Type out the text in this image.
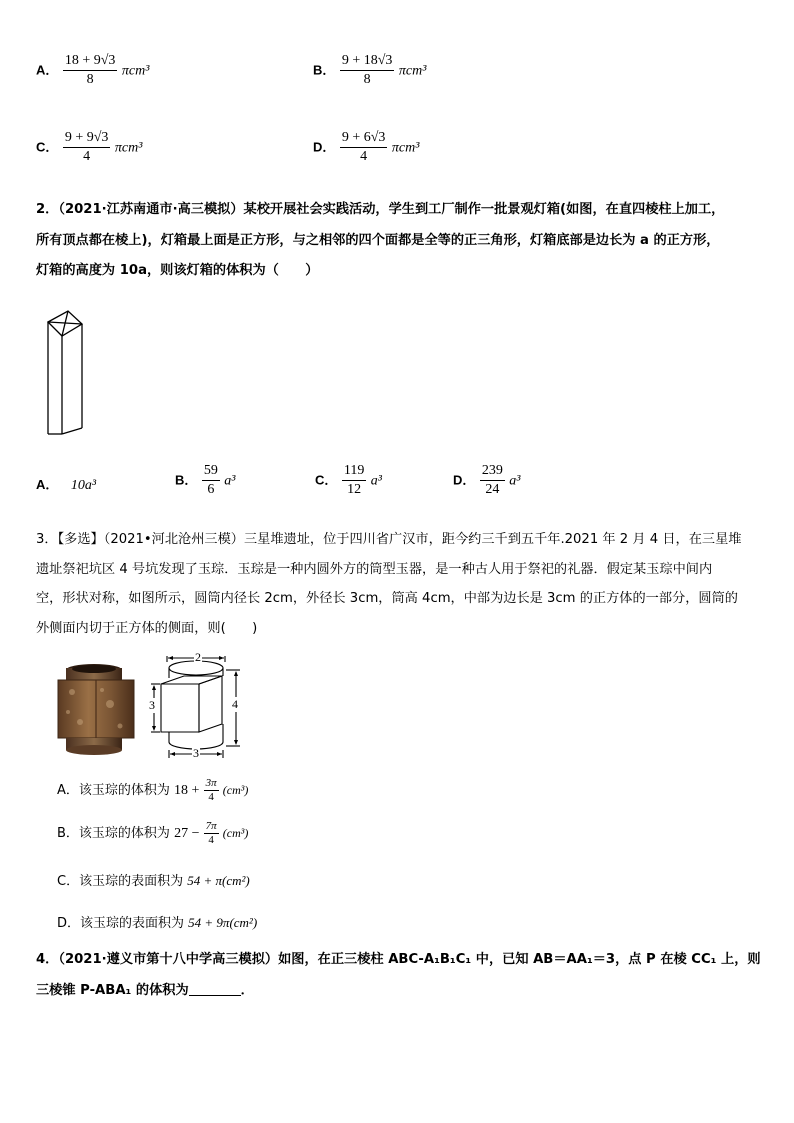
A． $\frac{18 + 9√3}{8} \pi cm^3$	B． $\frac{9 + 18√3}{8} \pi cm^3$
C． $\frac{9 + 9√3}{4} \pi cm^3$	D． $\frac{9 + 6√3}{4} \pi cm^3$
2．（2021·江苏南通市·高三模拟）某校开展社会实践活动，学生到工厂制作一批景观灯箱(如图，在直四棱柱上加工，
所有顶点都在棱上)，灯箱最上面是正方形，与之相邻的四个面都是全等的正三角形，灯箱底部是边长为 a 的正方形，
灯箱的高度为 10a，则该灯箱的体积为（　　）
A． 10a³	B． $\frac{59}{6} a^3$	C． $\frac{119}{12} a^3$	D． $\frac{239}{24} a^3$
3．【多选】（2021•河北沧州三模）三星堆遗址，位于四川省广汉市，距今约三千到五千年.2021 年 2 月 4 日，在三星堆
遗址祭祀坑区 4 号坑发现了玉琮．玉琮是一种内圆外方的筒型玉器，是一种古人用于祭祀的礼器．假定某玉琮中间内
空，形状对称，如图所示，圆筒内径长 2cm，外径长 3cm，筒高 4cm，中部为边长是 3cm 的正方体的一部分，圆筒的
外侧面内切于正方体的侧面，则(　　)
2
3	4
3
A．该玉琮的体积为 $18 + \frac{3\pi}{4} (cm^3)$
B．该玉琮的体积为 $27 - \frac{7\pi}{4} (cm^3)$
C．该玉琮的表面积为 54 + π(cm²)
D．该玉琮的表面积为 54 + 9π(cm²)
4．（2021·遵义市第十八中学高三模拟）如图，在正三棱柱 ABC-A₁B₁C₁ 中，已知 AB＝AA₁＝3，点 P 在棱 CC₁ 上，则
三棱锥 P-ABA₁ 的体积为	．
